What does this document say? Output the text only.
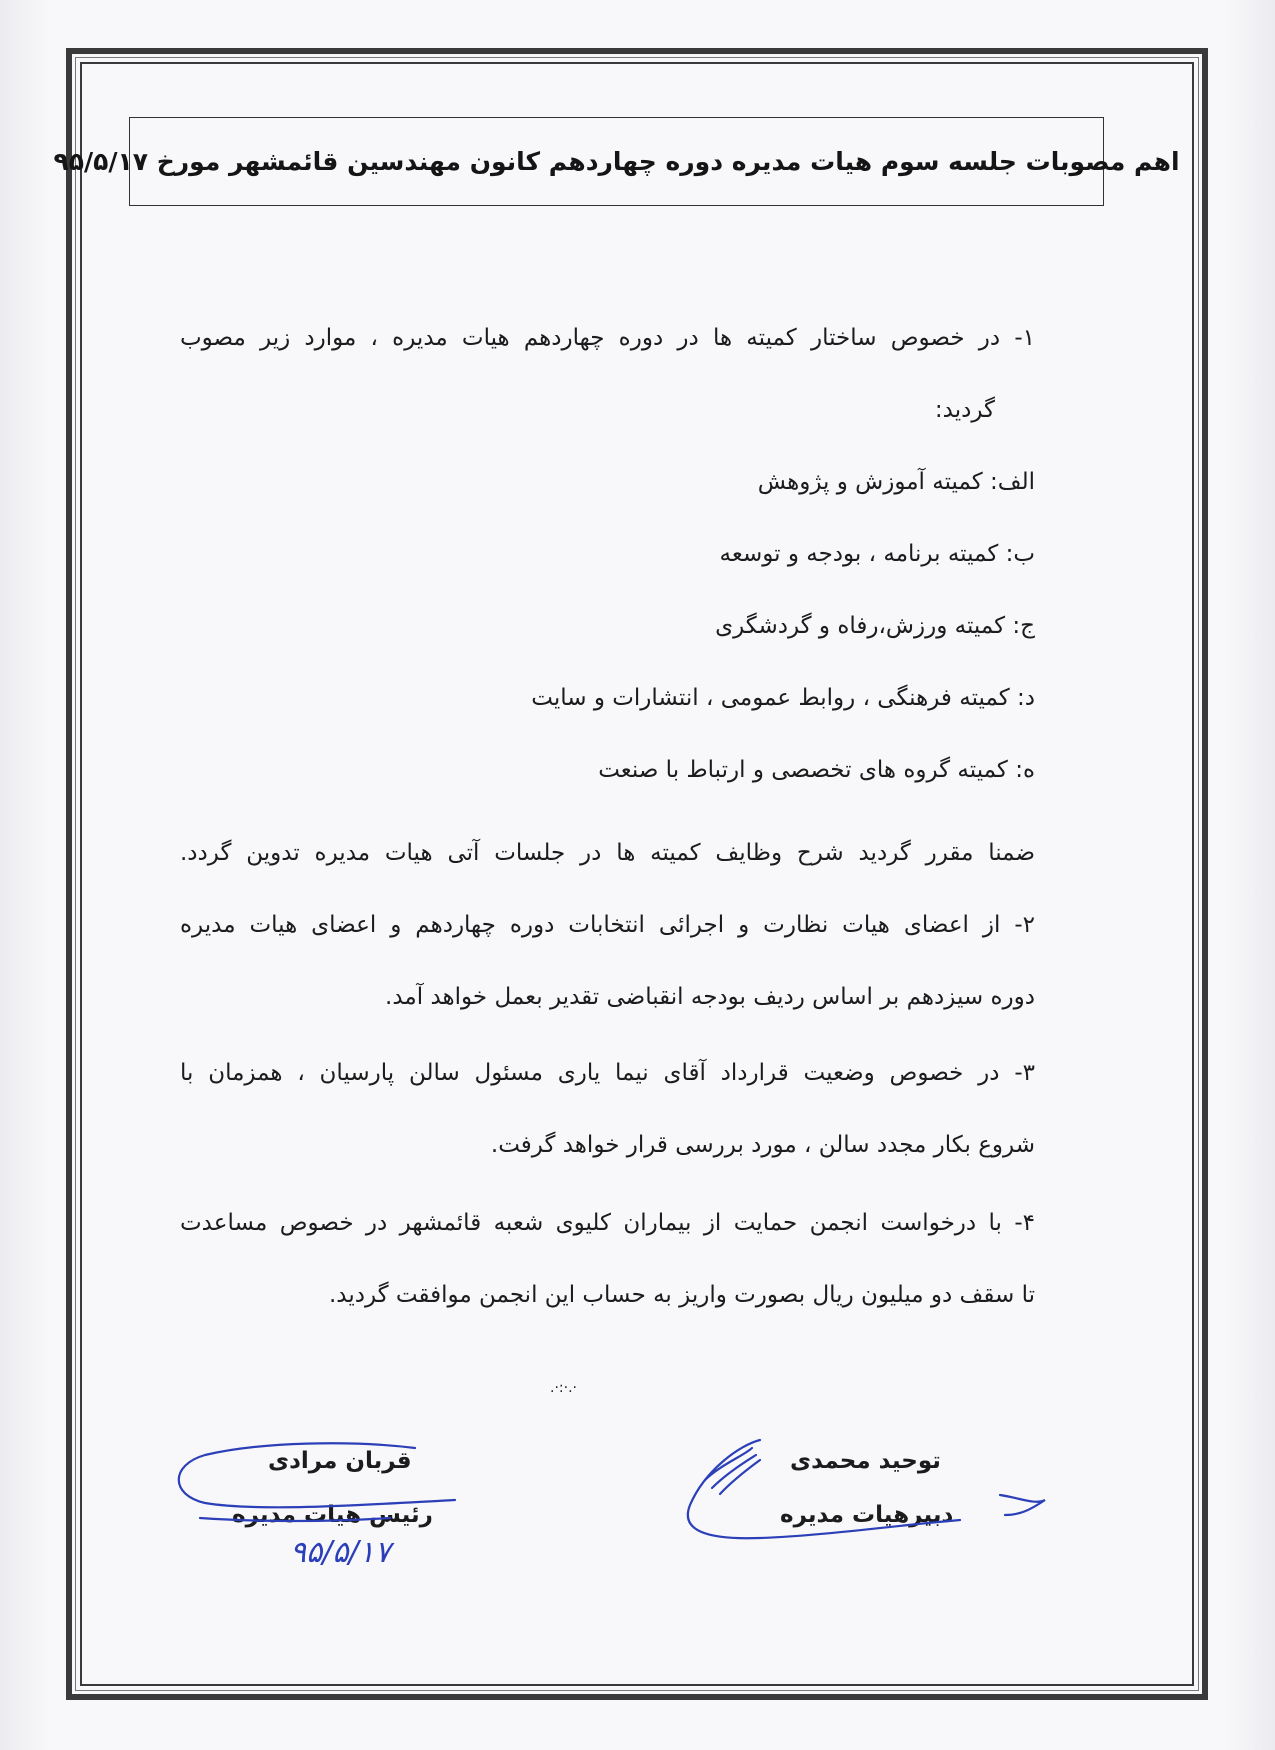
اهم مصوبات جلسه سوم هیات مدیره دوره چهاردهم کانون مهندسین قائمشهر مورخ ۹۵/۵/۱۷
۱- در خصوص ساختار کمیته ها در دوره چهاردهم هیات مدیره ، موارد زیر مصوب
گردید:
الف: کمیته آموزش و پژوهش
ب: کمیته برنامه ، بودجه و توسعه
ج: کمیته ورزش،رفاه و گردشگری
د: کمیته فرهنگی ، روابط عمومی ، انتشارات و سایت
ه: کمیته گروه های تخصصی و ارتباط با صنعت
ضمنا مقرر گردید شرح وظایف کمیته ها در جلسات آتی هیات مدیره تدوین گردد.
۲- از اعضای هیات نظارت و اجرائی انتخابات دوره چهاردهم و اعضای هیات مدیره
دوره سیزدهم بر اساس ردیف بودجه انقباضی تقدیر بعمل خواهد آمد.
۳- در خصوص وضعیت قرارداد آقای نیما یاری مسئول سالن پارسیان ، همزمان با
شروع بکار مجدد سالن ، مورد بررسی قرار خواهد گرفت.
۴- با درخواست انجمن حمایت از بیماران کلیوی شعبه قائمشهر در خصوص مساعدت
تا سقف دو میلیون ریال بصورت واریز به حساب این انجمن موافقت گردید.
·.·:·.
توحید محمدی
دبیرهیات مدیره
قربان مرادی
رئیس هیات مدیره
۹۵/۵/۱۷
